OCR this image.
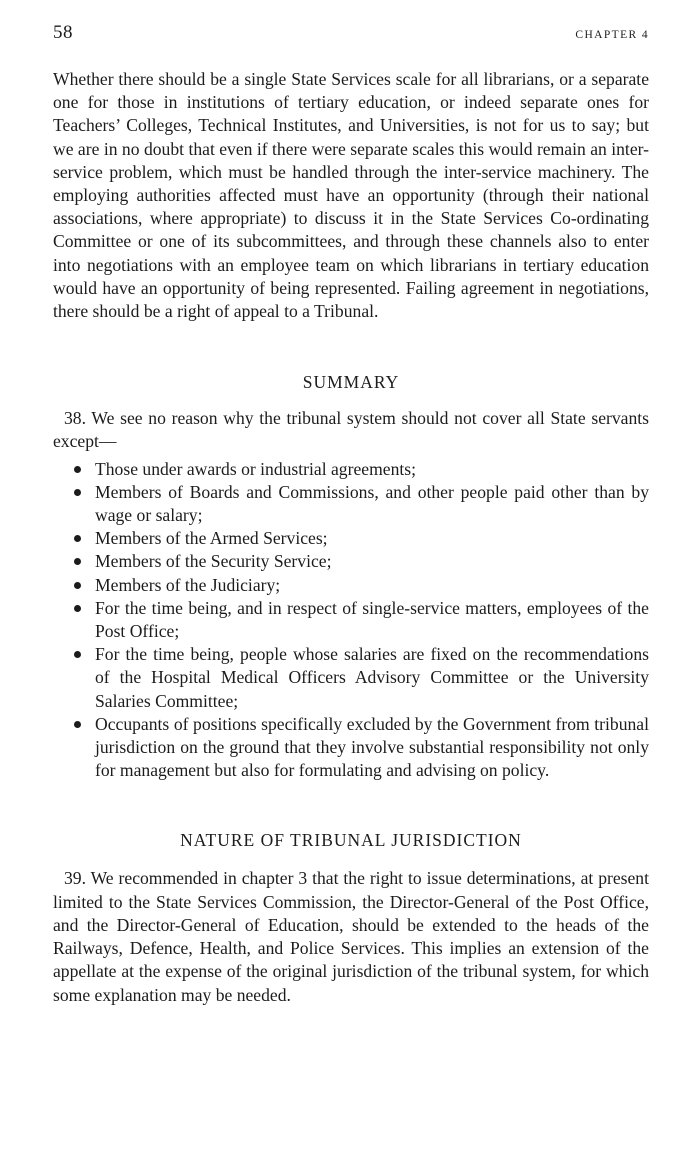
58	CHAPTER 4

Whether there should be a single State Services scale for all librarians, or a separate one for those in institutions of tertiary education, or indeed separate ones for Teachers’ Colleges, Technical Institutes, and Universities, is not for us to say; but we are in no doubt that even if there were separate scales this would remain an inter-service problem, which must be handled through the inter-service machinery. The employing authorities affected must have an opportunity (through their national associations, where appropriate) to discuss it in the State Services Co-ordinating Committee or one of its subcommittees, and through these channels also to enter into negotiations with an employee team on which librarians in tertiary education would have an opportunity of being represented. Failing agreement in negotiations, there should be a right of appeal to a Tribunal.

SUMMARY

38. We see no reason why the tribunal system should not cover all State servants except—

Those under awards or industrial agreements;
Members of Boards and Commissions, and other people paid other than by wage or salary;
Members of the Armed Services;
Members of the Security Service;
Members of the Judiciary;
For the time being, and in respect of single-service matters, employees of the Post Office;
For the time being, people whose salaries are fixed on the recommendations of the Hospital Medical Officers Advisory Committee or the University Salaries Committee;
Occupants of positions specifically excluded by the Government from tribunal jurisdiction on the ground that they involve substantial responsibility not only for management but also for formulating and advising on policy.
NATURE OF TRIBUNAL JURISDICTION

39. We recommended in chapter 3 that the right to issue determinations, at present limited to the State Services Commission, the Director-General of the Post Office, and the Director-General of Education, should be extended to the heads of the Railways, Defence, Health, and Police Services. This implies an extension of the appellate at the expense of the original jurisdiction of the tribunal system, for which some explanation may be needed.
